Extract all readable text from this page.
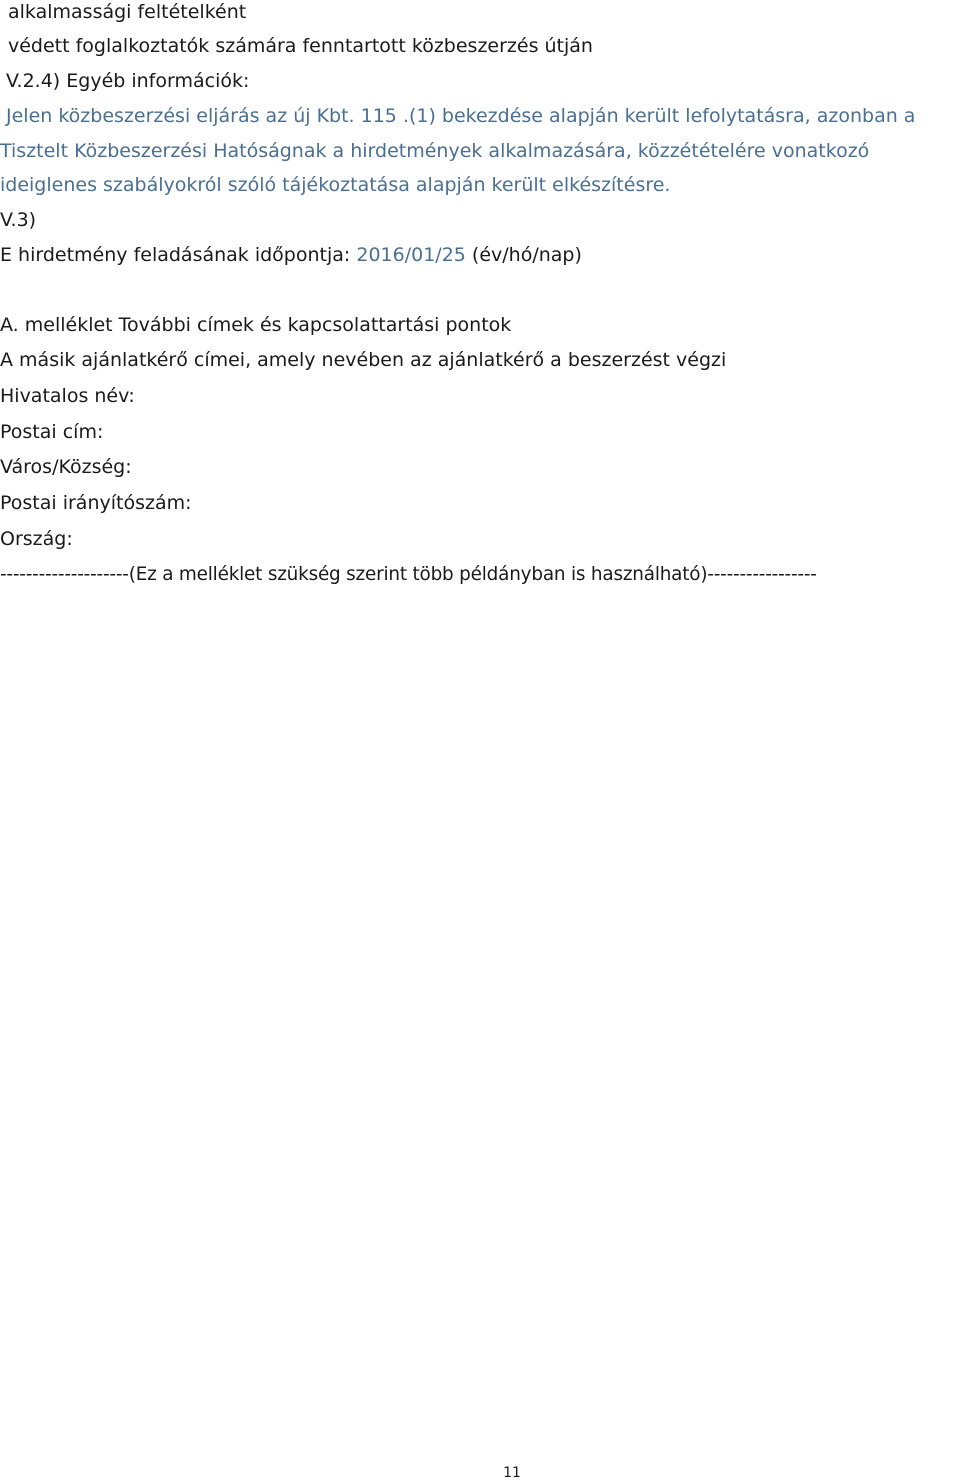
alkalmassági feltételként
védett foglalkoztatók számára fenntartott közbeszerzés útján
V.2.4) Egyéb információk:
Jelen közbeszerzési eljárás az új Kbt. 115 .(1) bekezdése alapján került lefolytatásra, azonban a
Tisztelt Közbeszerzési Hatóságnak a hirdetmények alkalmazására, közzétételére vonatkozó
ideiglenes szabályokról szóló tájékoztatása alapján került elkészítésre.
V.3)
E hirdetmény feladásának időpontja: 2016/01/25 (év/hó/nap)
A. melléklet További címek és kapcsolattartási pontok
A másik ajánlatkérő címei, amely nevében az ajánlatkérő a beszerzést végzi
Hivatalos név:
Postai cím:
Város/Község:
Postai irányítószám:
Ország:
--------------------(Ez a melléklet szükség szerint több példányban is használható)-----------------
11
